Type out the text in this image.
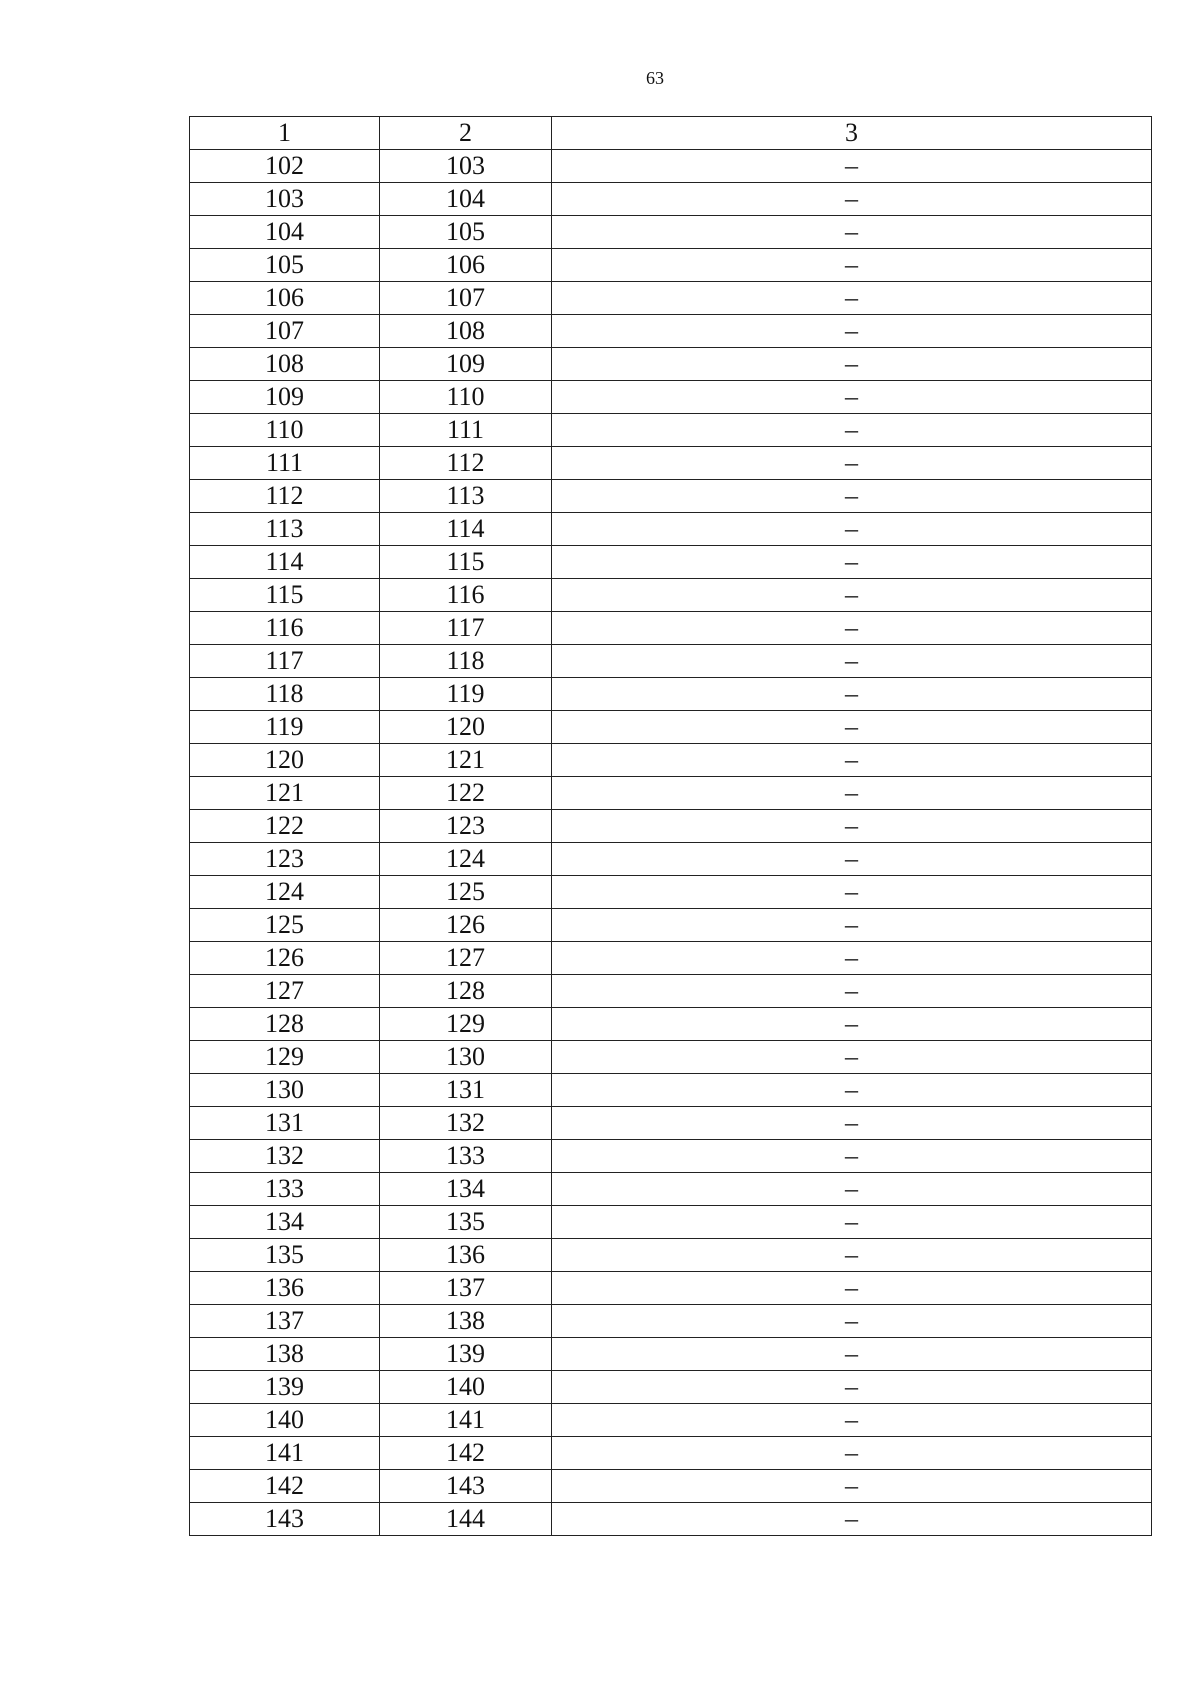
63
1	2	3
102	103	–
103	104	–
104	105	–
105	106	–
106	107	–
107	108	–
108	109	–
109	110	–
110	111	–
111	112	–
112	113	–
113	114	–
114	115	–
115	116	–
116	117	–
117	118	–
118	119	–
119	120	–
120	121	–
121	122	–
122	123	–
123	124	–
124	125	–
125	126	–
126	127	–
127	128	–
128	129	–
129	130	–
130	131	–
131	132	–
132	133	–
133	134	–
134	135	–
135	136	–
136	137	–
137	138	–
138	139	–
139	140	–
140	141	–
141	142	–
142	143	–
143	144	–
